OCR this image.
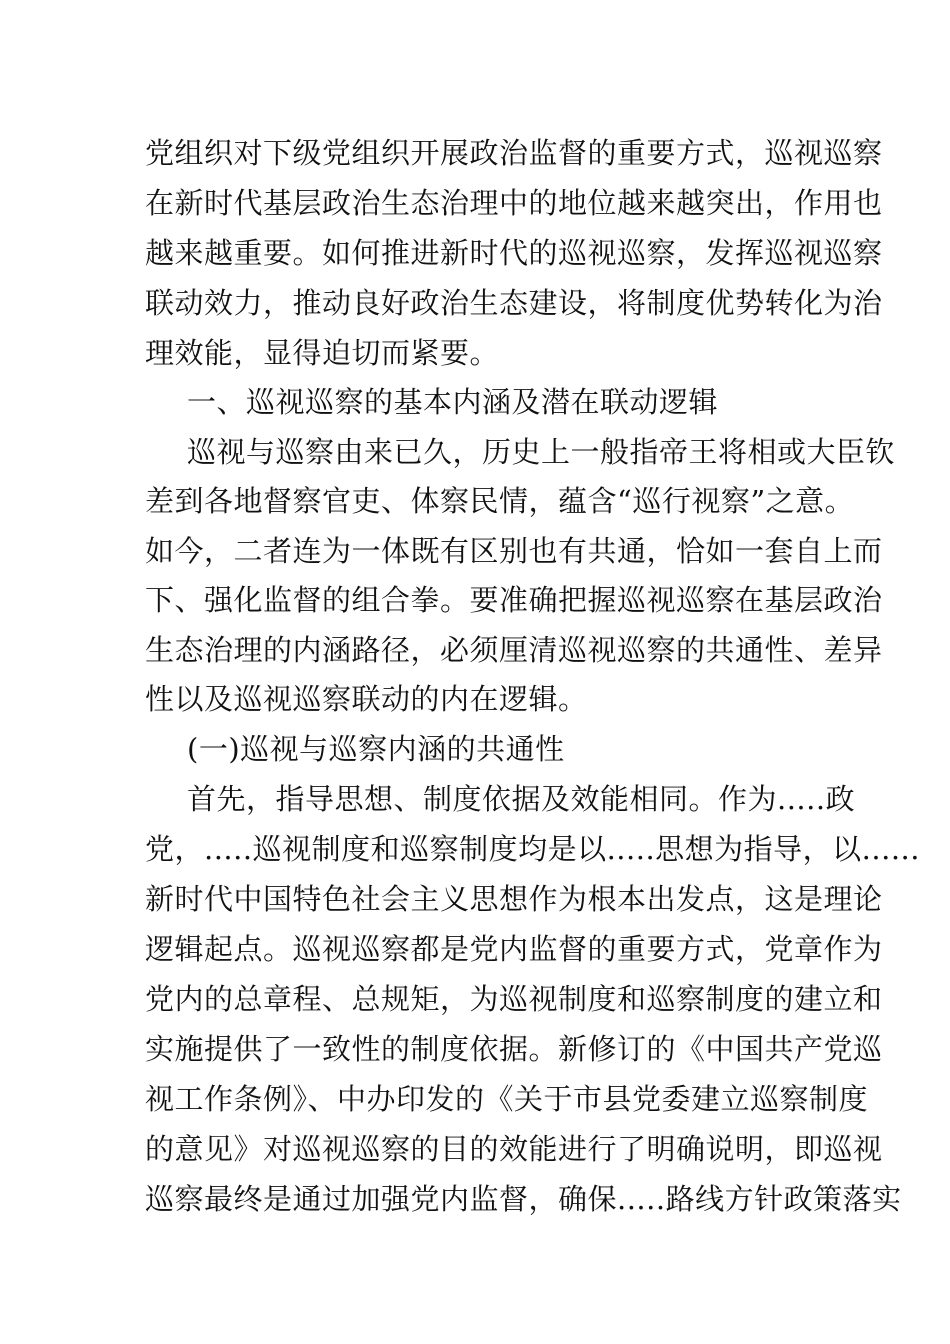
党组织对下级党组织开展政治监督的重要方式，巡视巡察
在新时代基层政治生态治理中的地位越来越突出，作用也
越来越重要。如何推进新时代的巡视巡察，发挥巡视巡察
联动效力，推动良好政治生态建设，将制度优势转化为治
理效能，显得迫切而紧要。
一、巡视巡察的基本内涵及潜在联动逻辑
巡视与巡察由来已久，历史上一般指帝王将相或大臣钦
差到各地督察官吏、体察民情，蕴含“巡行视察”之意。
如今，二者连为一体既有区别也有共通，恰如一套自上而
下、强化监督的组合拳。要准确把握巡视巡察在基层政治
生态治理的内涵路径，必须厘清巡视巡察的共通性、差异
性以及巡视巡察联动的内在逻辑。
(一)巡视与巡察内涵的共通性
首先，指导思想、制度依据及效能相同。作为.....政
党，.....巡视制度和巡察制度均是以.....思想为指导，以......
新时代中国特色社会主义思想作为根本出发点，这是理论
逻辑起点。巡视巡察都是党内监督的重要方式，党章作为
党内的总章程、总规矩，为巡视制度和巡察制度的建立和
实施提供了一致性的制度依据。新修订的《中国共产党巡
视工作条例》、中办印发的《关于市县党委建立巡察制度
的意见》对巡视巡察的目的效能进行了明确说明，即巡视
巡察最终是通过加强党内监督，确保.....路线方针政策落实
